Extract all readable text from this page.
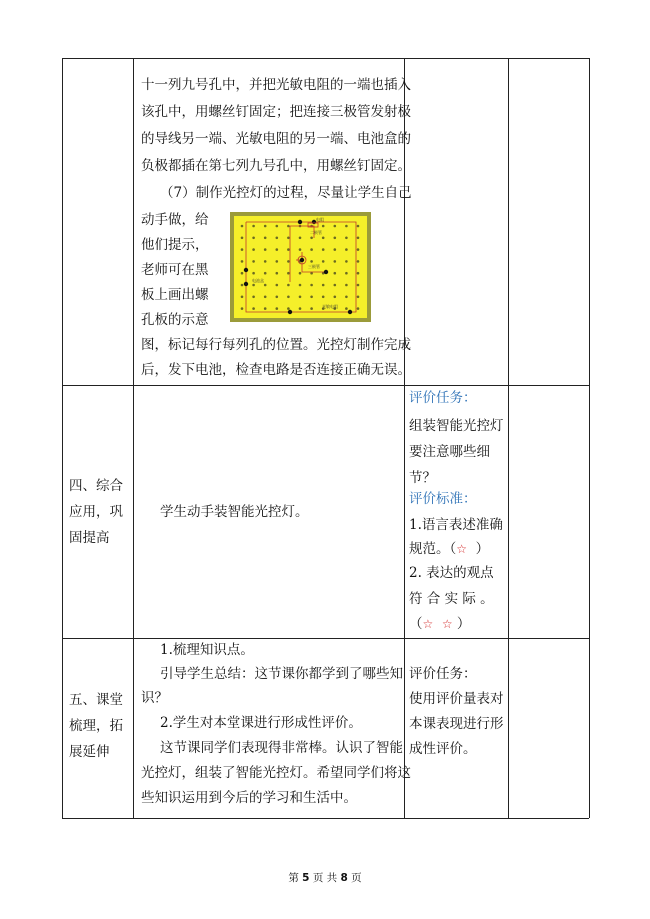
十一列九号孔中，并把光敏电阻的一端也插入
该孔中，用螺丝钉固定；把连接三极管发射极
的导线另一端、光敏电阻的另一端、电池盒的
负极都插在第七列九号孔中，用螺丝钉固定。
（7）制作光控灯的过程，尽量让学生自己
动手做，给
他们提示，
老师可在黑
板上画出螺
孔板的示意
图，标记每行每列孔的位置。光控灯制作完成
后，发下电池，检查电路是否连接正确无误。
电阻
二极管
三极管
电池盒
光敏电阻
四、综合
应用，巩
固提高
学生动手装智能光控灯。
评价任务：
组装智能光控灯
要注意哪些细
节？
评价标准：
1.语言表述准确
规范。（☆ ）
2. 表达的观点
符 合 实 际 。
（☆ ☆ ）
五、课堂
梳理，拓
展延伸
1.梳理知识点。
引导学生总结：这节课你都学到了哪些知
识？
2.学生对本堂课进行形成性评价。
这节课同学们表现得非常棒。认识了智能
光控灯，组装了智能光控灯。希望同学们将这
些知识运用到今后的学习和生活中。
评价任务：
使用评价量表对
本课表现进行形
成性评价。
第 5 页 共 8 页
